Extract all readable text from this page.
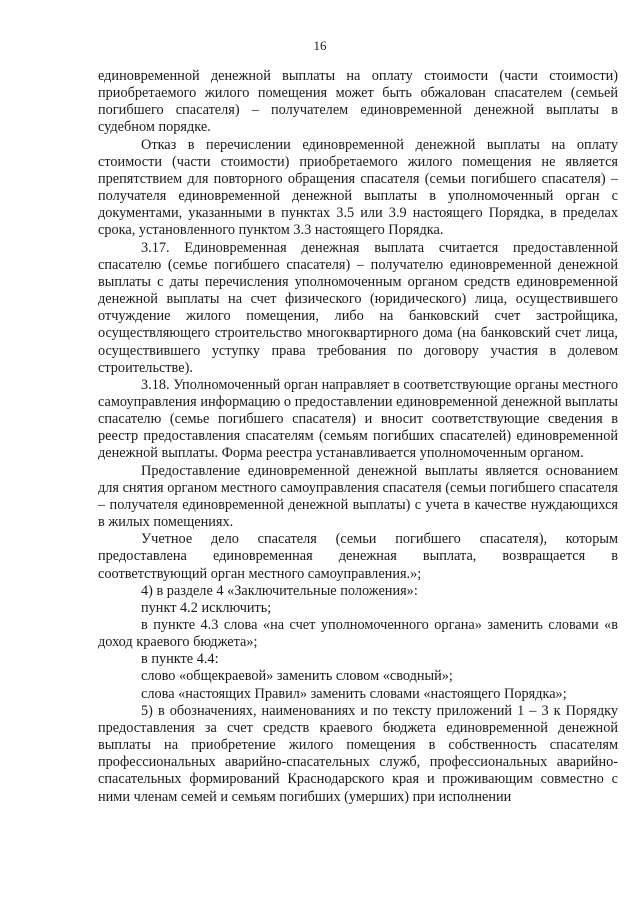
16

единовременной денежной выплаты на оплату стоимости (части стоимости) приобретаемого жилого помещения может быть обжалован спасателем (семьей погибшего спасателя) – получателем единовременной денежной выплаты в судебном порядке.

Отказ в перечислении единовременной денежной выплаты на оплату стоимости (части стоимости) приобретаемого жилого помещения не является препятствием для повторного обращения спасателя (семьи погибшего спасателя) – получателя единовременной денежной выплаты в уполномоченный орган с документами, указанными в пунктах 3.5 или 3.9 настоящего Порядка, в пределах срока, установленного пунктом 3.3 настоящего Порядка.

3.17. Единовременная денежная выплата считается предоставленной спасателю (семье погибшего спасателя) – получателю единовременной денежной выплаты с даты перечисления уполномоченным органом средств единовременной денежной выплаты на счет физического (юридического) лица, осуществившего отчуждение жилого помещения, либо на банковский счет застройщика, осуществляющего строительство многоквартирного дома (на банковский счет лица, осуществившего уступку права требования по договору участия в долевом строительстве).

3.18. Уполномоченный орган направляет в соответствующие органы местного самоуправления информацию о предоставлении единовременной денежной выплаты спасателю (семье погибшего спасателя) и вносит соответствующие сведения в реестр предоставления спасателям (семьям погибших спасателей) единовременной денежной выплаты. Форма реестра устанавливается уполномоченным органом.

Предоставление единовременной денежной выплаты является основанием для снятия органом местного самоуправления спасателя (семьи погибшего спасателя – получателя единовременной денежной выплаты) с учета в качестве нуждающихся в жилых помещениях.

Учетное дело спасателя (семьи погибшего спасателя), которым предоставлена единовременная денежная выплата, возвращается в соответствующий орган местного самоуправления.»;

4) в разделе 4 «Заключительные положения»:

пункт 4.2 исключить;

в пункте 4.3 слова «на счет уполномоченного органа» заменить словами «в доход краевого бюджета»;

в пункте 4.4:

слово «общекраевой» заменить словом «сводный»;

слова «настоящих Правил» заменить словами «настоящего Порядка»;

5) в обозначениях, наименованиях и по тексту приложений 1 – 3 к Порядку предоставления за счет средств краевого бюджета единовременной денежной выплаты на приобретение жилого помещения в собственность спасателям профессиональных аварийно-спасательных служб, профессиональных аварийно-спасательных формирований Краснодарского края и проживающим совместно с ними членам семей и семьям погибших (умерших) при исполнении
